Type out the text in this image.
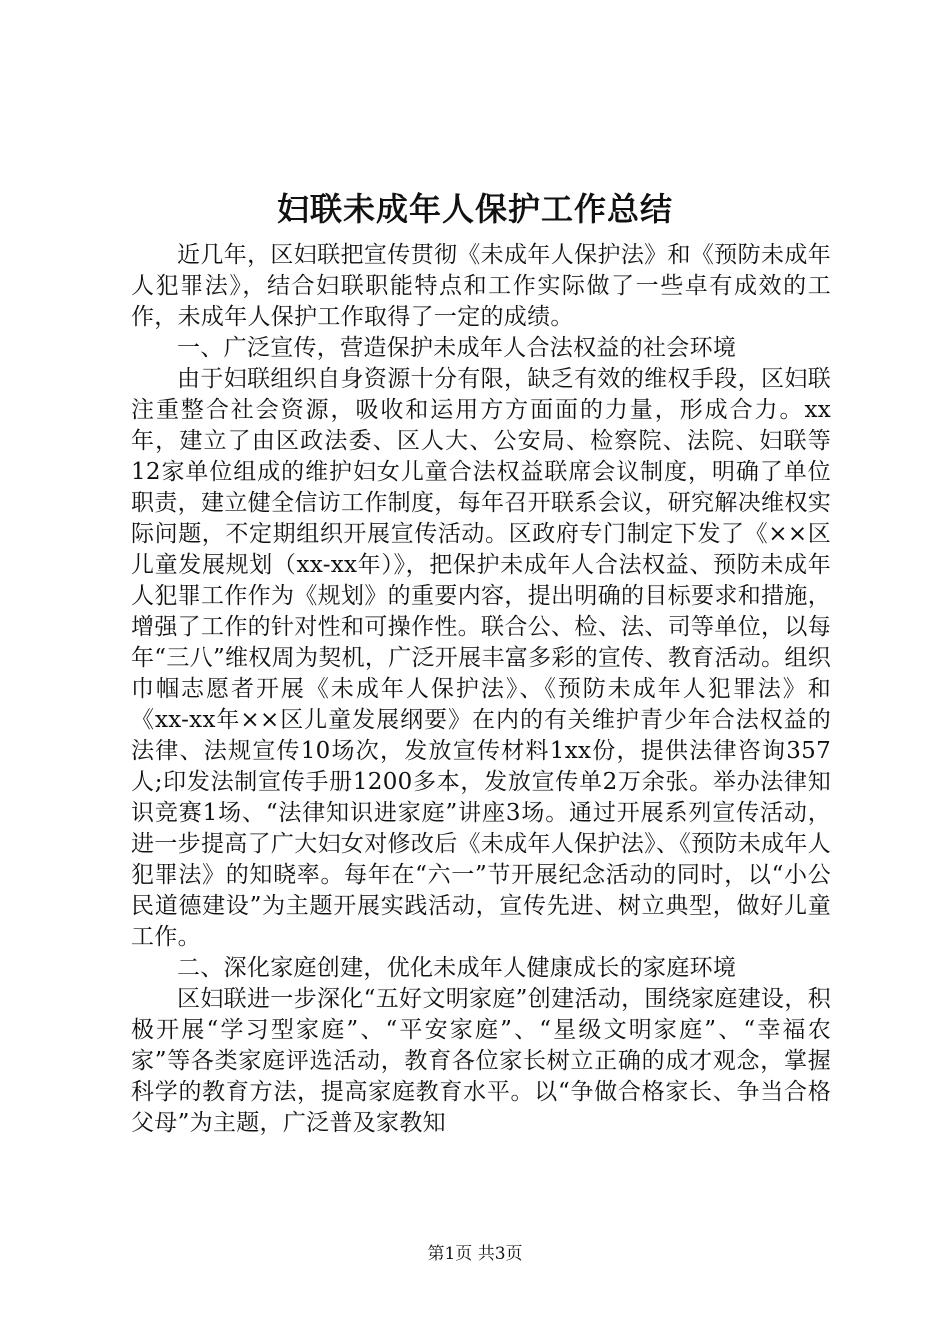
妇联未成年人保护工作总结

近几年，区妇联把宣传贯彻《未成年人保护法》和《预防未成年人犯罪法》，结合妇联职能特点和工作实际做了一些卓有成效的工作，未成年人保护工作取得了一定的成绩。

一、广泛宣传，营造保护未成年人合法权益的社会环境

由于妇联组织自身资源十分有限，缺乏有效的维权手段，区妇联注重整合社会资源，吸收和运用方方面面的力量，形成合力。xx年，建立了由区政法委、区人大、公安局、检察院、法院、妇联等12家单位组成的维护妇女儿童合法权益联席会议制度，明确了单位职责，建立健全信访工作制度，每年召开联系会议，研究解决维权实际问题，不定期组织开展宣传活动。区政府专门制定下发了《××区儿童发展规划（xx-xx年）》，把保护未成年人合法权益、预防未成年人犯罪工作作为《规划》的重要内容，提出明确的目标要求和措施，增强了工作的针对性和可操作性。联合公、检、法、司等单位，以每年“三八”维权周为契机，广泛开展丰富多彩的宣传、教育活动。组织巾帼志愿者开展《未成年人保护法》、《预防未成年人犯罪法》和《xx-xx年××区儿童发展纲要》在内的有关维护青少年合法权益的法律、法规宣传10场次，发放宣传材料1xx份，提供法律咨询357人;印发法制宣传手册1200多本，发放宣传单2万余张。举办法律知识竞赛1场、“法律知识进家庭”讲座3场。通过开展系列宣传活动，进一步提高了广大妇女对修改后《未成年人保护法》、《预防未成年人犯罪法》的知晓率。每年在“六一”节开展纪念活动的同时，以“小公民道德建设”为主题开展实践活动，宣传先进、树立典型，做好儿童工作。

二、深化家庭创建，优化未成年人健康成长的家庭环境

区妇联进一步深化“五好文明家庭”创建活动，围绕家庭建设，积极开展“学习型家庭”、“平安家庭”、“星级文明家庭”、“幸福农家”等各类家庭评选活动，教育各位家长树立正确的成才观念，掌握科学的教育方法，提高家庭教育水平。以“争做合格家长、争当合格父母”为主题，广泛普及家教知

第1页 共3页
